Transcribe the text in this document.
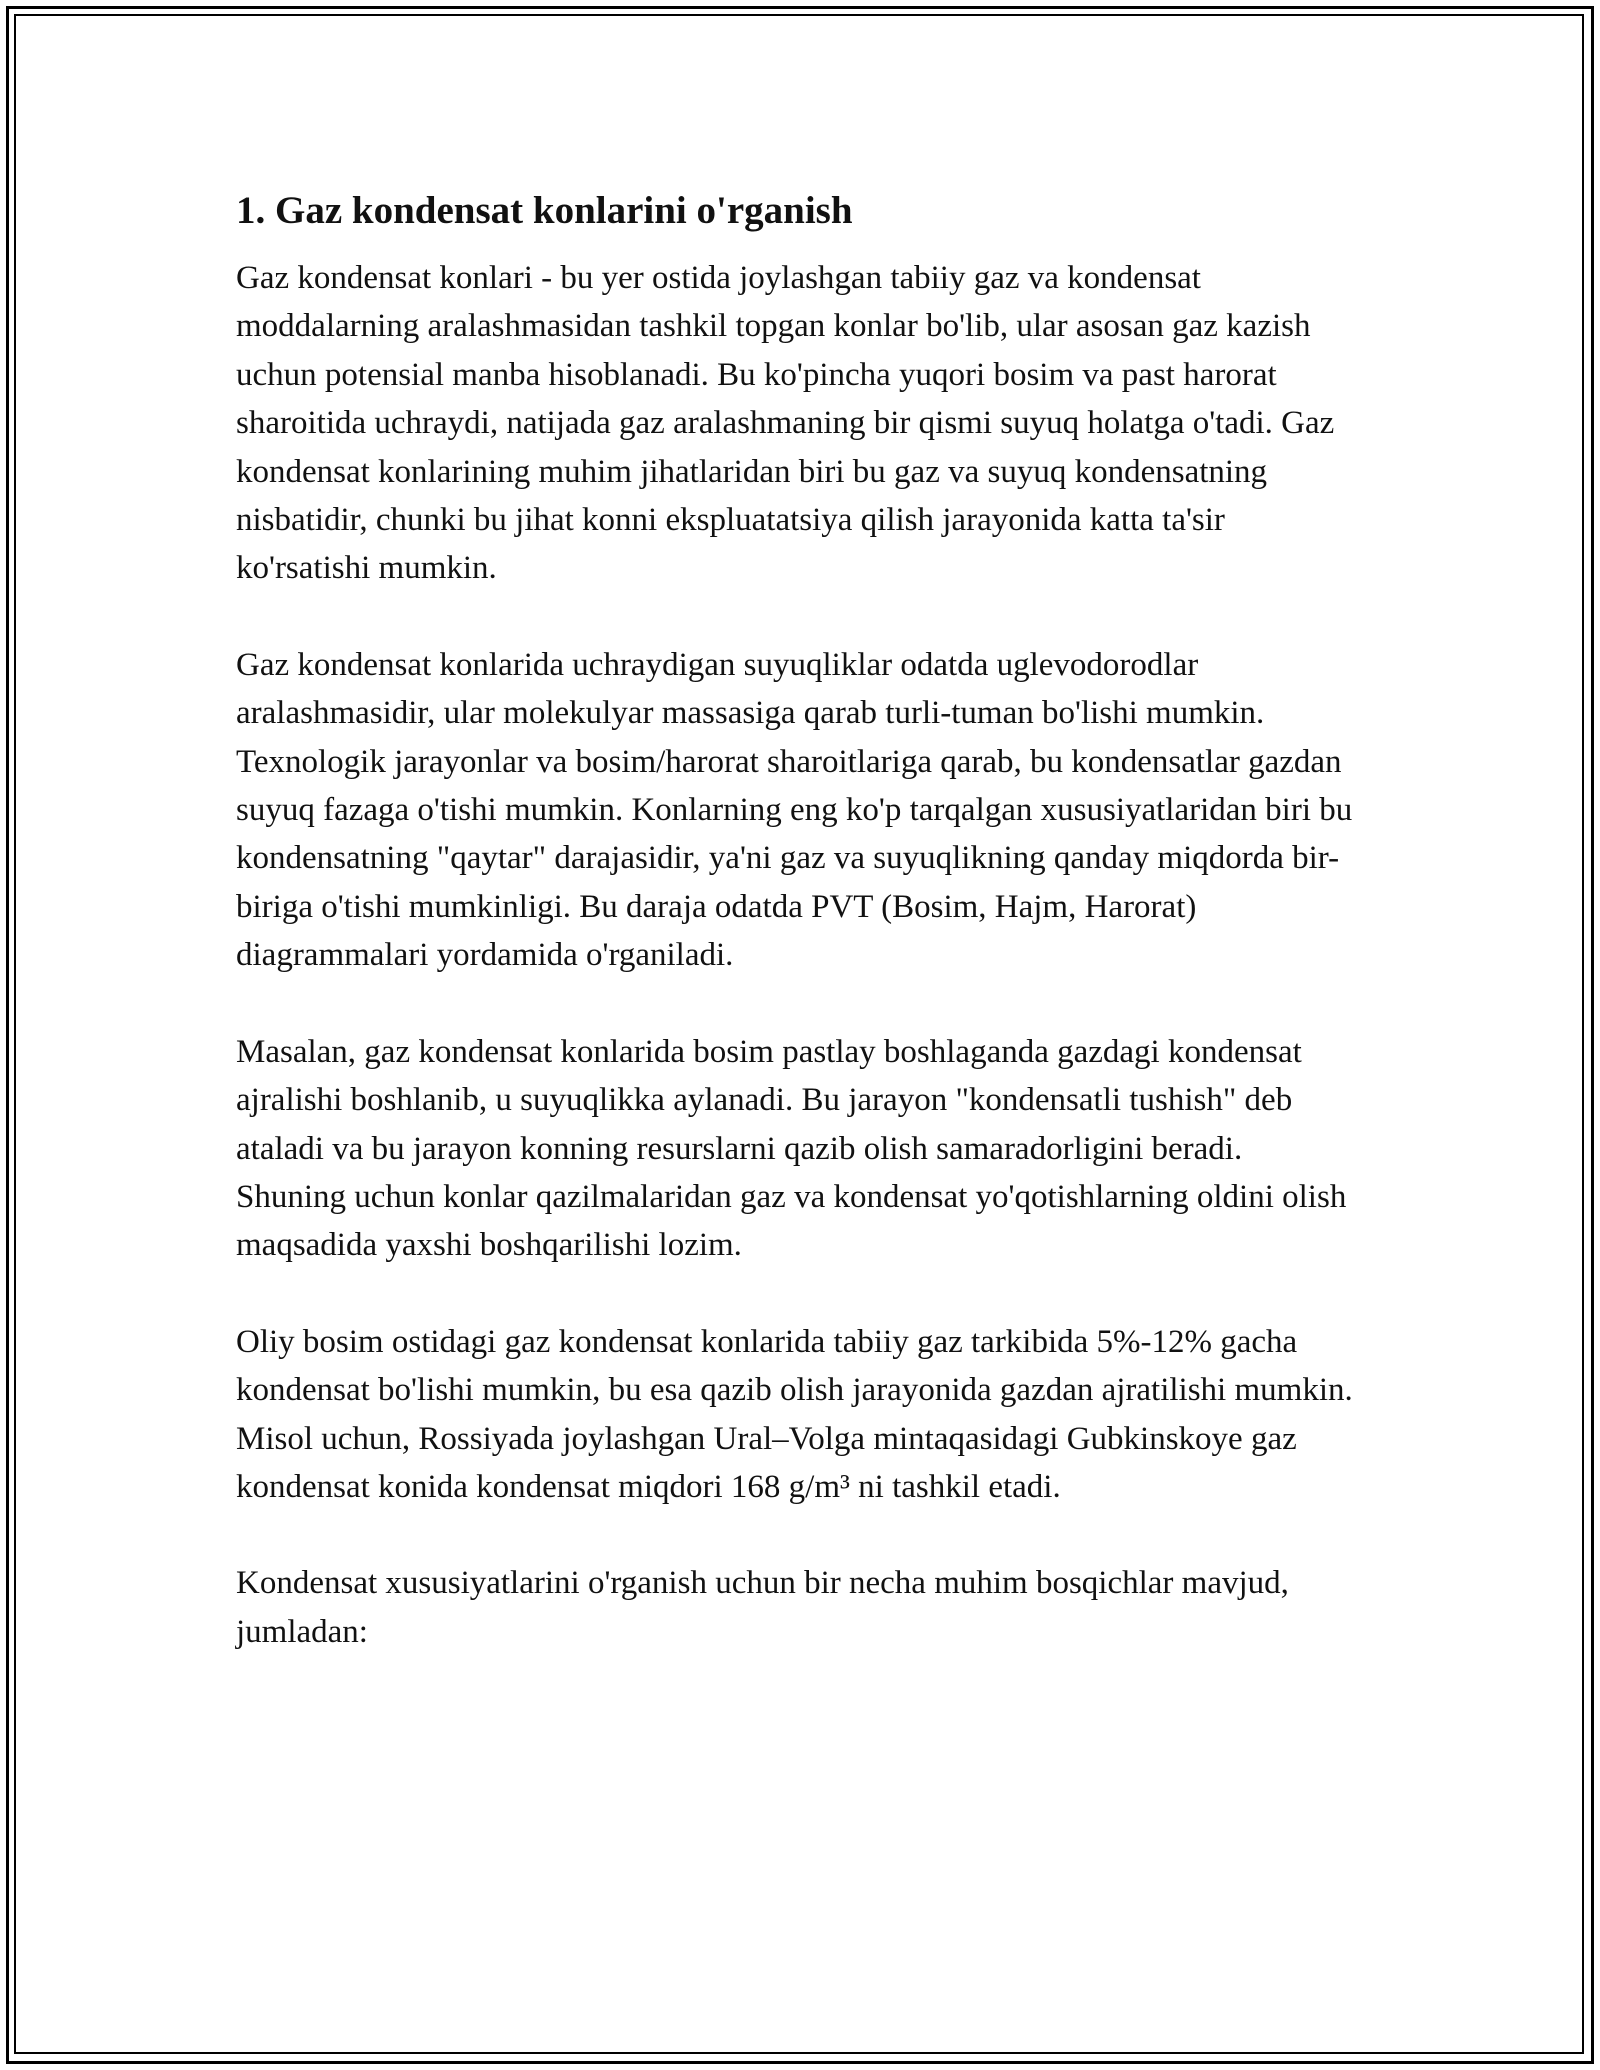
1. Gaz kondensat konlarini o'rganish

Gaz kondensat konlari - bu yer ostida joylashgan tabiiy gaz va kondensat moddalarning aralashmasidan tashkil topgan konlar bo'lib, ular asosan gaz kazish uchun potensial manba hisoblanadi. Bu ko'pincha yuqori bosim va past harorat sharoitida uchraydi, natijada gaz aralashmaning bir qismi suyuq holatga o'tadi. Gaz kondensat konlarining muhim jihatlaridan biri bu gaz va suyuq kondensatning nisbatidir, chunki bu jihat konni ekspluatatsiya qilish jarayonida katta ta'sir ko'rsatishi mumkin.

Gaz kondensat konlarida uchraydigan suyuqliklar odatda uglevodorodlar aralashmasidir, ular molekulyar massasiga qarab turli-tuman bo'lishi mumkin. Texnologik jarayonlar va bosim/harorat sharoitlariga qarab, bu kondensatlar gazdan suyuq fazaga o'tishi mumkin. Konlarning eng ko'p tarqalgan xususiyatlaridan biri bu kondensatning "qaytar" darajasidir, ya'ni gaz va suyuqlikning qanday miqdorda bir-biriga o'tishi mumkinligi. Bu daraja odatda PVT (Bosim, Hajm, Harorat) diagrammalari yordamida o'rganiladi.

Masalan, gaz kondensat konlarida bosim pastlay boshlaganda gazdagi kondensat ajralishi boshlanib, u suyuqlikka aylanadi. Bu jarayon "kondensatli tushish" deb ataladi va bu jarayon konning resurslarni qazib olish samaradorligini beradi. Shuning uchun konlar qazilmalaridan gaz va kondensat yo'qotishlarning oldini olish maqsadida yaxshi boshqarilishi lozim.

Oliy bosim ostidagi gaz kondensat konlarida tabiiy gaz tarkibida 5%-12% gacha kondensat bo'lishi mumkin, bu esa qazib olish jarayonida gazdan ajratilishi mumkin. Misol uchun, Rossiyada joylashgan Ural–Volga mintaqasidagi Gubkinskoye gaz kondensat konida kondensat miqdori 168 g/m³ ni tashkil etadi.

Kondensat xususiyatlarini o'rganish uchun bir necha muhim bosqichlar mavjud, jumladan:
